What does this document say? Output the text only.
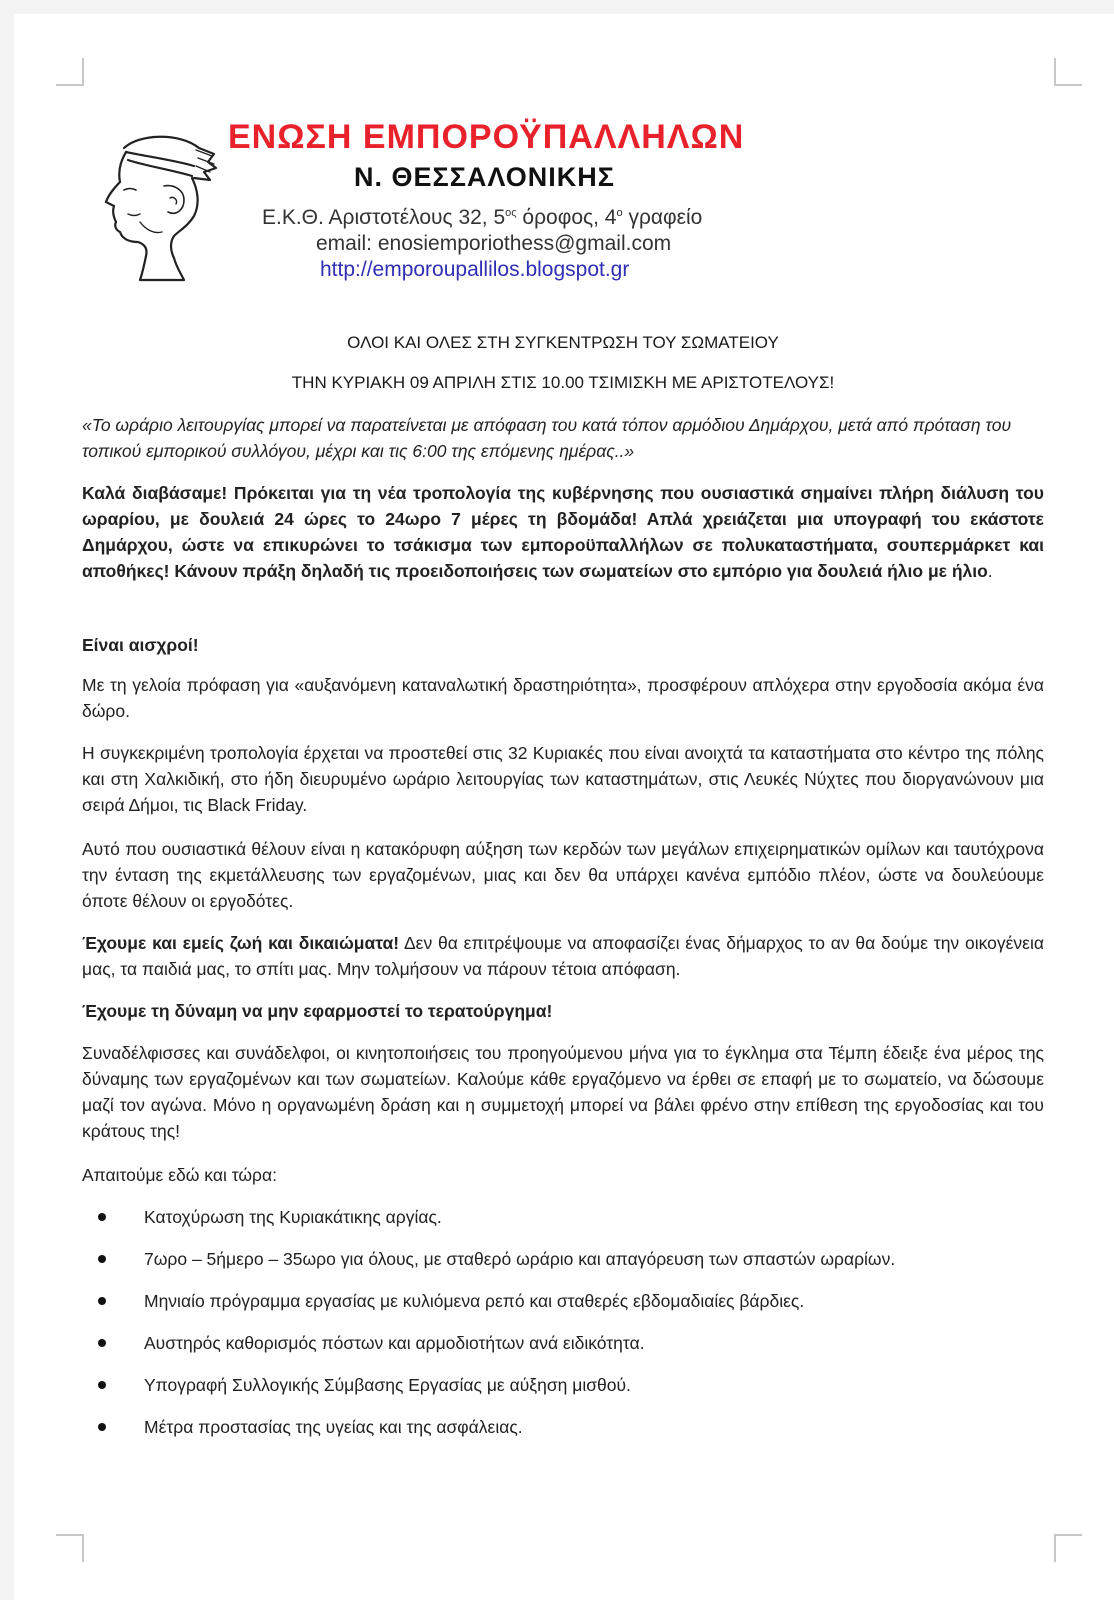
ΕΝΩΣΗ ΕΜΠΟΡΟΫΠΑΛΛΗΛΩΝ
Ν. ΘΕΣΣΑΛΟΝΙΚΗΣ
Ε.Κ.Θ. Αριστοτέλους 32, $5^{o\varsigma}$ όροφος, $4^o$ γραφείο
email: enosiemporiothess@gmail.com
http://emporoupallilos.blogspot.gr

ΟΛΟΙ ΚΑΙ ΟΛΕΣ ΣΤΗ ΣΥΓΚΕΝΤΡΩΣΗ ΤΟΥ ΣΩΜΑΤΕΙΟΥ

ΤΗΝ ΚΥΡΙΑΚΗ 09 ΑΠΡΙΛΗ ΣΤΙΣ 10.00 ΤΣΙΜΙΣΚΗ ΜΕ ΑΡΙΣΤΟΤΕΛΟΥΣ!

«Το ωράριο λειτουργίας μπορεί να παρατείνεται με απόφαση του κατά τόπον αρμόδιου Δημάρχου, μετά από πρόταση του τοπικού εμπορικού συλλόγου, μέχρι και τις 6:00 της επόμενης ημέρας..»

Καλά διαβάσαμε! Πρόκειται για τη νέα τροπολογία της κυβέρνησης που ουσιαστικά σημαίνει πλήρη διάλυση του ωραρίου, με δουλειά 24 ώρες το 24ωρο 7 μέρες τη βδομάδα! Απλά χρειάζεται μια υπογραφή του εκάστοτε Δημάρχου, ώστε να επικυρώνει το τσάκισμα των εμποροϋπαλλήλων σε πολυκαταστήματα, σουπερμάρκετ και αποθήκες! Κάνουν πράξη δηλαδή τις προειδοποιήσεις των σωματείων στο εμπόριο για δουλειά ήλιο με ήλιο.

Είναι αισχροί!

Με τη γελοία πρόφαση για «αυξανόμενη καταναλωτική δραστηριότητα», προσφέρουν απλόχερα στην εργοδοσία ακόμα ένα δώρο.

Η συγκεκριμένη τροπολογία έρχεται να προστεθεί στις 32 Κυριακές που είναι ανοιχτά τα καταστήματα στο κέντρο της πόλης και στη Χαλκιδική, στο ήδη διευρυμένο ωράριο λειτουργίας των καταστημάτων, στις Λευκές Νύχτες που διοργανώνουν μια σειρά Δήμοι, τις Black Friday.

Αυτό που ουσιαστικά θέλουν είναι η κατακόρυφη αύξηση των κερδών των μεγάλων επιχειρηματικών ομίλων και ταυτόχρονα την ένταση της εκμετάλλευσης των εργαζομένων, μιας και δεν θα υπάρχει κανένα εμπόδιο πλέον, ώστε να δουλεύουμε όποτε θέλουν οι εργοδότες.

Έχουμε και εμείς ζωή και δικαιώματα! Δεν θα επιτρέψουμε να αποφασίζει ένας δήμαρχος το αν θα δούμε την οικογένεια μας, τα παιδιά μας, το σπίτι μας. Μην τολμήσουν να πάρουν τέτοια απόφαση.

Έχουμε τη δύναμη να μην εφαρμοστεί το τερατούργημα!

Συναδέλφισσες και συνάδελφοι, οι κινητοποιήσεις του προηγούμενου μήνα για το έγκλημα στα Τέμπη έδειξε ένα μέρος της δύναμης των εργαζομένων και των σωματείων. Καλούμε κάθε εργαζόμενο να έρθει σε επαφή με το σωματείο, να δώσουμε μαζί τον αγώνα. Μόνο η οργανωμένη δράση και η συμμετοχή μπορεί να βάλει φρένο στην επίθεση της εργοδοσίας και του κράτους της!

Απαιτούμε εδώ και τώρα:

Κατοχύρωση της Κυριακάτικης αργίας.
7ωρο – 5ήμερο – 35ωρο για όλους, με σταθερό ωράριο και απαγόρευση των σπαστών ωραρίων.
Μηνιαίο πρόγραμμα εργασίας με κυλιόμενα ρεπό και σταθερές εβδομαδιαίες βάρδιες.
Αυστηρός καθορισμός πόστων και αρμοδιοτήτων ανά ειδικότητα.
Υπογραφή Συλλογικής Σύμβασης Εργασίας με αύξηση μισθού.
Μέτρα προστασίας της υγείας και της ασφάλειας.
